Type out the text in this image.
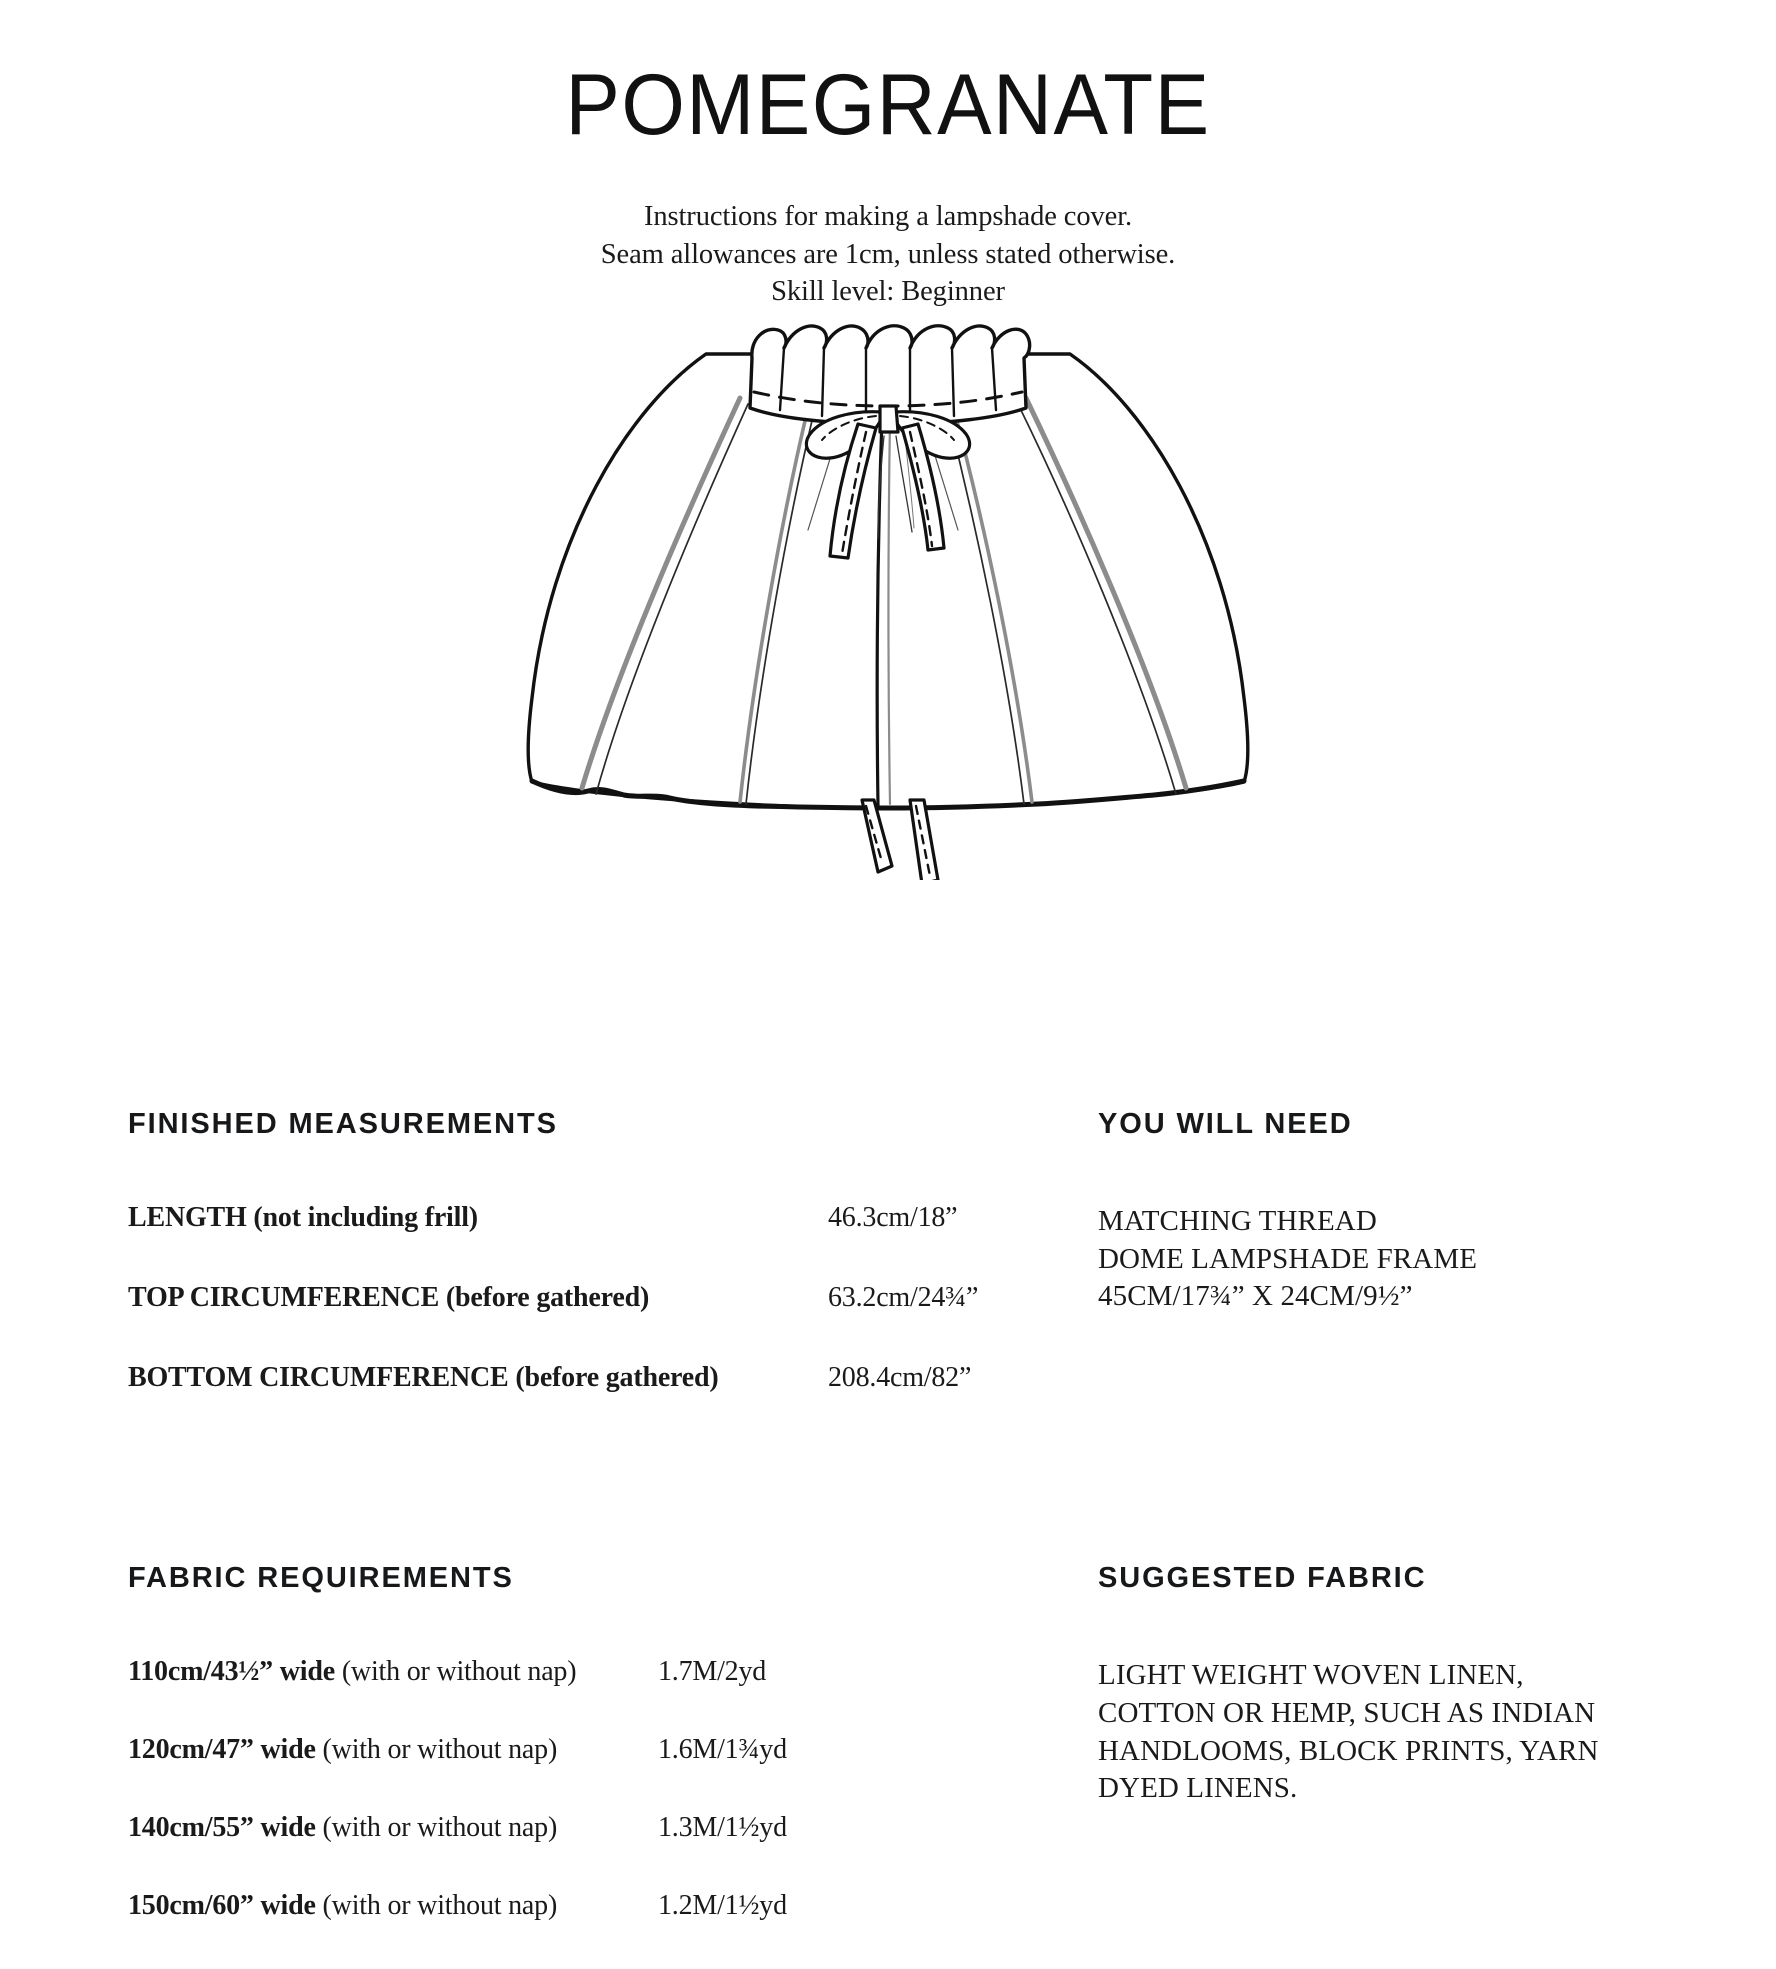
POMEGRANATE
Instructions for making a lampshade cover.
Seam allowances are 1cm, unless stated otherwise.
Skill level: Beginner
FINISHED MEASUREMENTS
LENGTH (not including frill)	46.3cm/18”
TOP CIRCUMFERENCE (before gathered)	63.2cm/24¾”
BOTTOM CIRCUMFERENCE (before gathered)	208.4cm/82”
YOU WILL NEED
MATCHING THREAD
DOME LAMPSHADE FRAME
45CM/17¾” X 24CM/9½”
FABRIC REQUIREMENTS
110cm/43½” wide (with or without nap)	1.7M/2yd
120cm/47” wide (with or without nap)	1.6M/1¾yd
140cm/55” wide (with or without nap)	1.3M/1½yd
150cm/60” wide (with or without nap)	1.2M/1½yd
SUGGESTED FABRIC
LIGHT WEIGHT WOVEN LINEN,
COTTON OR HEMP, SUCH AS INDIAN
HANDLOOMS, BLOCK PRINTS, YARN
DYED LINENS.
